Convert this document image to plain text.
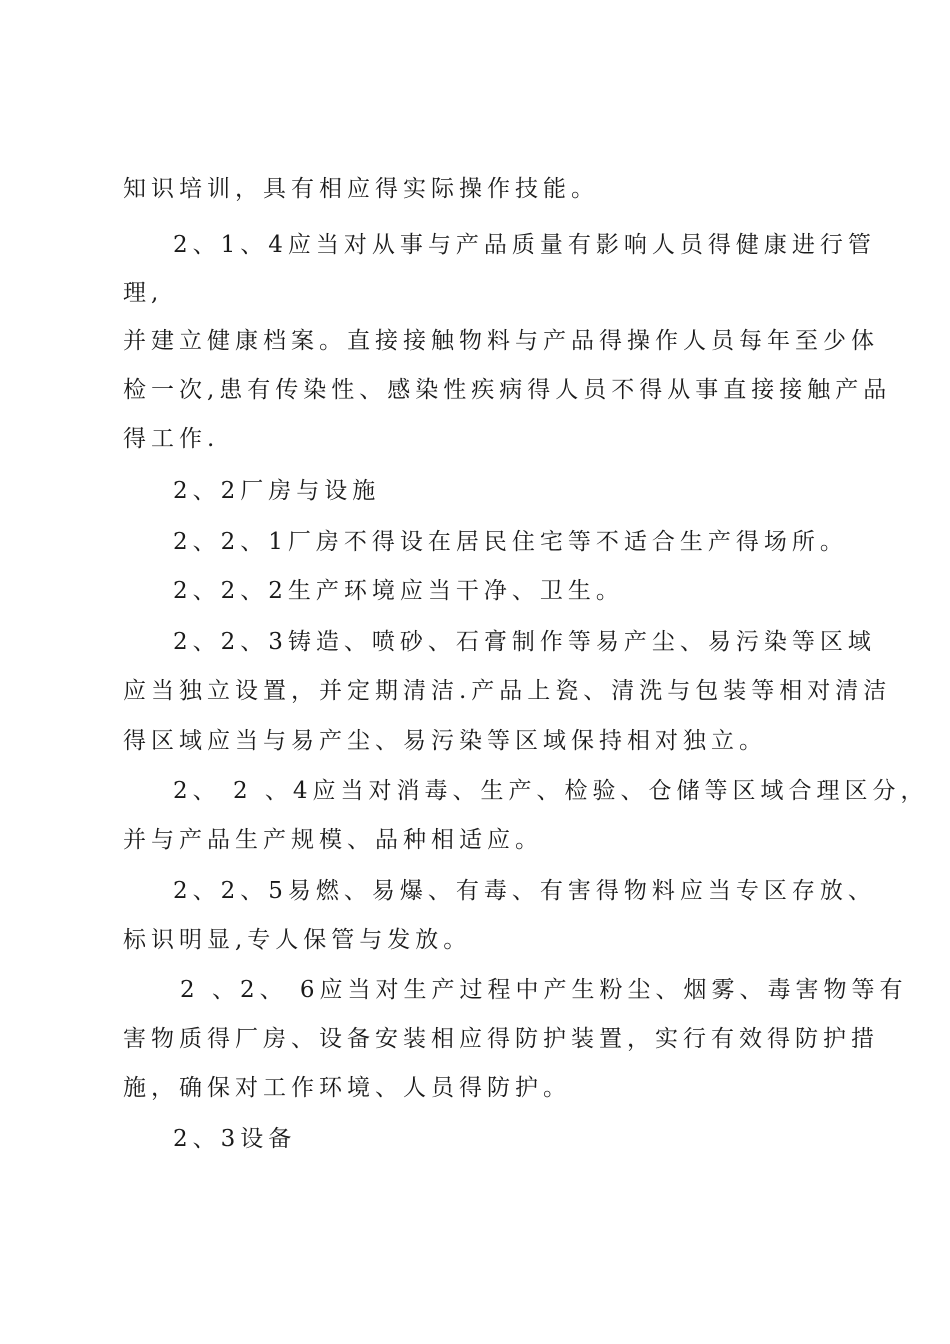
知识培训，具有相应得实际操作技能。
2、1、4应当对从事与产品质量有影响人员得健康进行管
理,
并建立健康档案。直接接触物料与产品得操作人员每年至少体
检一次,患有传染性、感染性疾病得人员不得从事直接接触产品
得工作.
2、2厂房与设施
2、2、1厂房不得设在居民住宅等不适合生产得场所。
2、2、2生产环境应当干净、卫生。
2、2、3铸造、喷砂、石膏制作等易产尘、易污染等区域
应当独立设置，并定期清洁.产品上瓷、清洗与包装等相对清洁
得区域应当与易产尘、易污染等区域保持相对独立。
2、 2 、4应当对消毒、生产、检验、仓储等区域合理区分，
并与产品生产规模、品种相适应。
2、2、5易燃、易爆、有毒、有害得物料应当专区存放、
标识明显,专人保管与发放。
2 、2、 6应当对生产过程中产生粉尘、烟雾、毒害物等有
害物质得厂房、设备安装相应得防护装置，实行有效得防护措
施，确保对工作环境、人员得防护。
2、3设备
